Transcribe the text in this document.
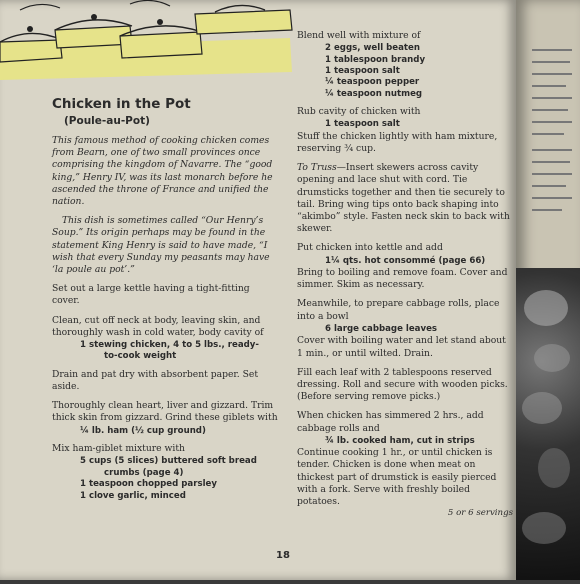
Chicken in the Pot
(Poule-au-Pot)

This famous method of cooking chicken comes from Bearn, one of two small provinces once comprising the kingdom of Navarre. The “good king,” Henry IV, was its last monarch before he ascended the throne of France and unified the nation.

This dish is sometimes called “Our Henry’s Soup.” Its origin perhaps may be found in the statement King Henry is said to have made, “I wish that every Sunday my peasants may have ‘la poule au pot’.”

Set out a large kettle having a tight-fitting cover.

Clean, cut off neck at body, leaving skin, and thoroughly wash in cold water, body cavity of

1 stewing chicken, 4 to 5 lbs., ready-
to-cook weight

Drain and pat dry with absorbent paper. Set aside.

Thoroughly clean heart, liver and gizzard. Trim thick skin from gizzard. Grind these giblets with

¼ lb. ham (½ cup ground)

Mix ham-giblet mixture with

5 cups (5 slices) buttered soft bread
crumbs (page 4)
1 teaspoon chopped parsley
1 clove garlic, minced

Blend well with mixture of

2 eggs, well beaten
1 tablespoon brandy
1 teaspoon salt
¼ teaspoon pepper
¼ teaspoon nutmeg

Rub cavity of chicken with

1 teaspoon salt

Stuff the chicken lightly with ham mixture, reserving ¾ cup.

To Truss—Insert skewers across cavity opening and lace shut with cord. Tie drumsticks together and then tie securely to tail. Bring wing tips onto back shaping into “akimbo” style. Fasten neck skin to back with skewer.

Put chicken into kettle and add

1¼ qts. hot consommé (page 66)

Bring to boiling and remove foam. Cover and simmer. Skim as necessary.

Meanwhile, to prepare cabbage rolls, place into a bowl

6 large cabbage leaves

Cover with boiling water and let stand about 1 min., or until wilted. Drain.

Fill each leaf with 2 tablespoons reserved dressing. Roll and secure with wooden picks. (Before serving remove picks.)

When chicken has simmered 2 hrs., add cabbage rolls and

¾ lb. cooked ham, cut in strips

Continue cooking 1 hr., or until chicken is tender. Chicken is done when meat on thickest part of drumstick is easily pierced with a fork. Serve with freshly boiled potatoes.

5 or 6 servings
18
